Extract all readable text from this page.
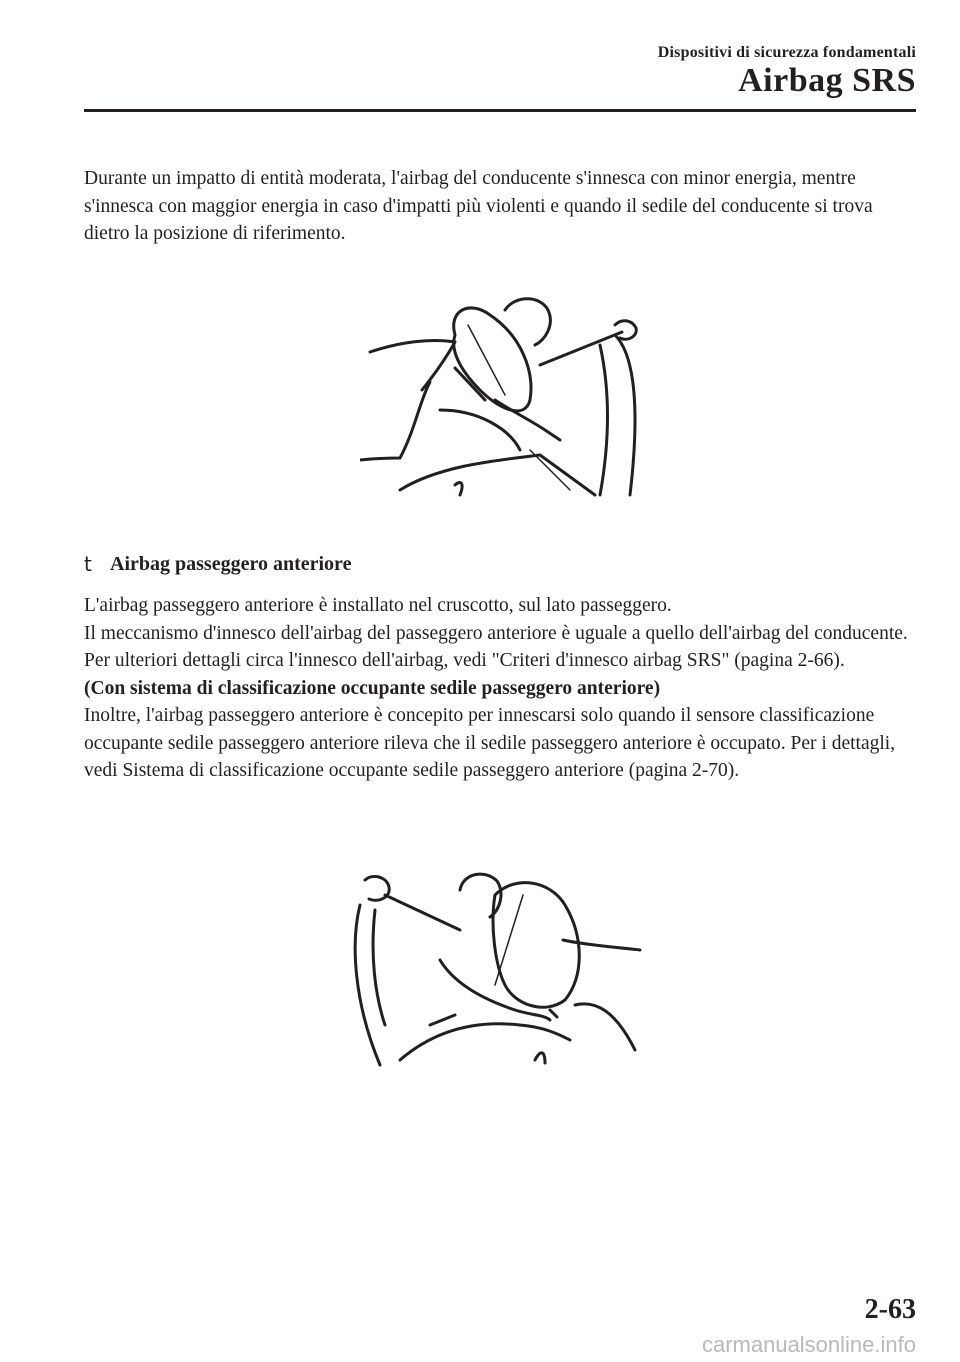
Dispositivi di sicurezza fondamentali
Airbag SRS

Durante un impatto di entità moderata, l'airbag del conducente s'innesca con minor energia, mentre s'innesca con maggior energia in caso d'impatti più violenti e quando il sedile del conducente si trova dietro la posizione di riferimento.

t Airbag passeggero anteriore

L'airbag passeggero anteriore è installato nel cruscotto, sul lato passeggero.

Il meccanismo d'innesco dell'airbag del passeggero anteriore è uguale a quello dell'airbag del conducente.

Per ulteriori dettagli circa l'innesco dell'airbag, vedi "Criteri d'innesco airbag SRS" (pagina 2-66).

(Con sistema di classificazione occupante sedile passeggero anteriore)

Inoltre, l'airbag passeggero anteriore è concepito per innescarsi solo quando il sensore classificazione occupante sedile passeggero anteriore rileva che il sedile passeggero anteriore è occupato. Per i dettagli, vedi Sistema di classificazione occupante sedile passeggero anteriore (pagina 2-70).

2-63
carmanualsonline.info
